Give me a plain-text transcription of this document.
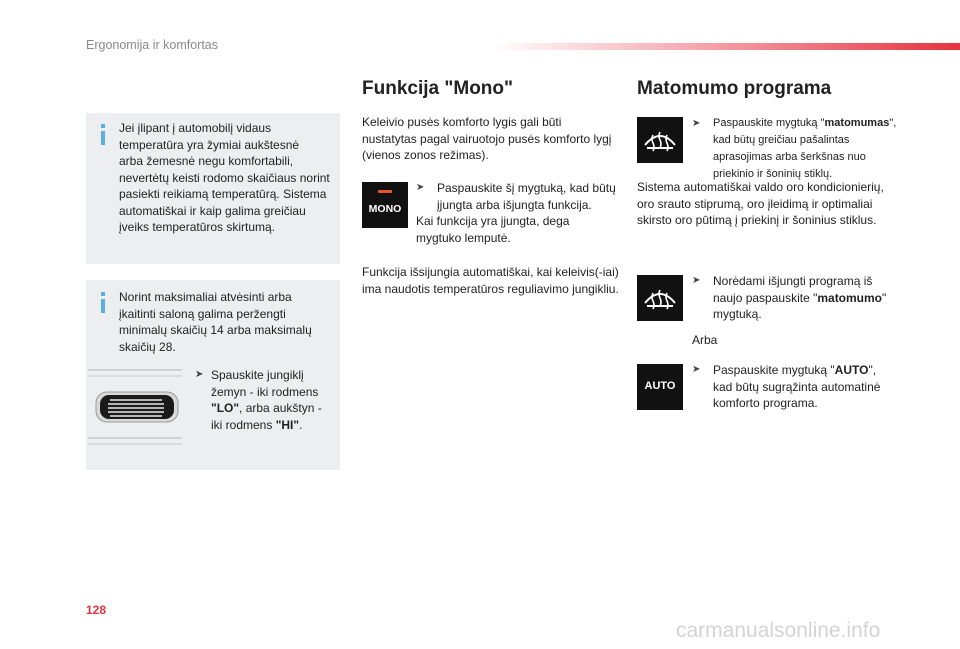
Ergonomija ir komfortas
Jei įlipant į automobilį vidaus
temperatūra yra žymiai aukštesnė
arba žemesnė negu komfortabili,
nevertėtų keisti rodomo skaičiaus norint
pasiekti reikiamą temperatūrą. Sistema
automatiškai ir kaip galima greičiau
įveiks temperatūros skirtumą.
Norint maksimaliai atvėsinti arba
įkaitinti saloną galima peržengti
minimalų skaičių 14 arba maksimalų
skaičių 28.
➤ Spauskite jungiklį
žemyn - iki rodmens
"LO", arba aukštyn -
iki rodmens "HI".
Funkcija "Mono"
Keleivio pusės komforto lygis gali būti
nustatytas pagal vairuotojo pusės komforto lygį
(vienos zonos režimas).
MONO
➤ Paspauskite šį mygtuką, kad būtų
įjungta arba išjungta funkcija.
Kai funkcija yra įjungta, dega
mygtuko lemputė.
Funkcija išsijungia automatiškai, kai keleivis(-iai)
ima naudotis temperatūros reguliavimo jungikliu.
Matomumo programa
➤ Paspauskite mygtuką "matomumas",
kad būtų greičiau pašalintas
aprasojimas arba šerkšnas nuo
priekinio ir šoninių stiklų.
Sistema automatiškai valdo oro kondicionierių,
oro srauto stiprumą, oro įleidimą ir optimaliai
skirsto oro pūtimą į priekinį ir šoninius stiklus.
➤ Norėdami išjungti programą iš
naujo paspauskite "matomumo"
mygtuką.
Arba
AUTO
➤ Paspauskite mygtuką "AUTO",
kad būtų sugrąžinta automatinė
komforto programa.
128
carmanualsonline.info
